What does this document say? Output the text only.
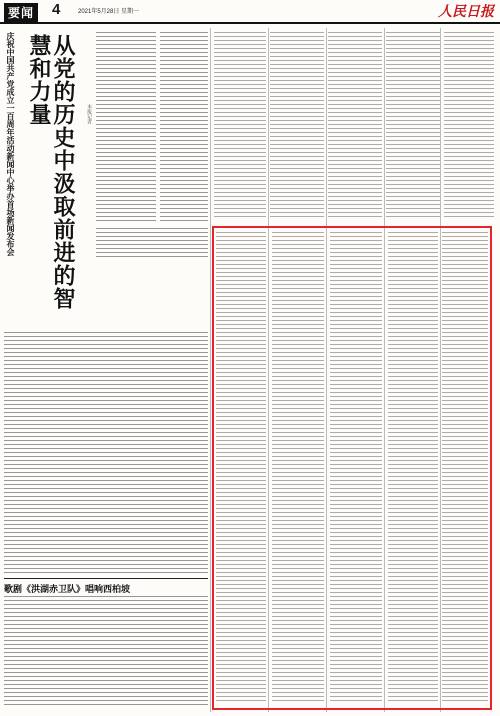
要闻 4	2021年5月28日 星期一	人民日报
庆祝中国共产党成立一百周年活动新闻中心举办首场新闻发布会	从党的历史中汲取前进的智慧和力量	本报记者
歌剧《洪湖赤卫队》唱响西柏坡
